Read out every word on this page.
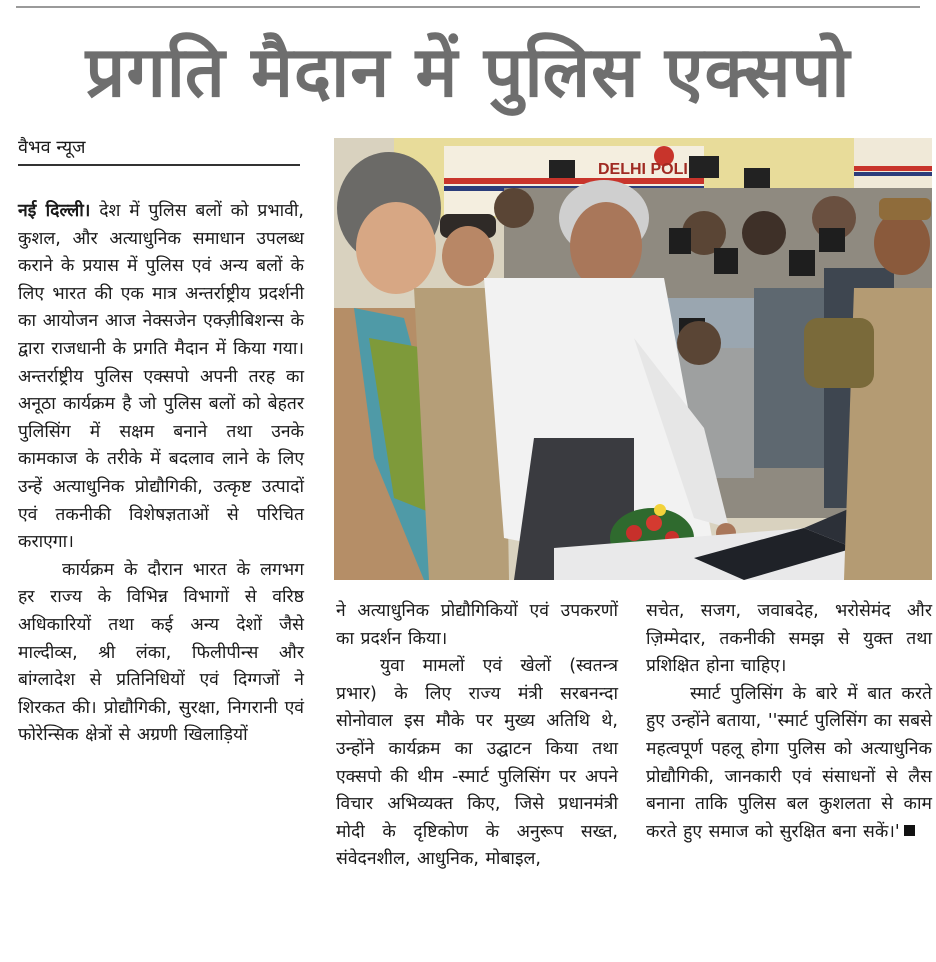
प्रगति मैदान में पुलिस एक्सपो
वैभव न्यूज

नई दिल्ली। देश में पुलिस बलों को प्रभावी, कुशल, और अत्याधुनिक समाधान उपलब्ध कराने के प्रयास में पुलिस एवं अन्य बलों के लिए भारत की एक मात्र अन्तर्राष्ट्रीय प्रदर्शनी का आयोजन आज नेक्सजेन एक्ज़ीबिशन्स के द्वारा राजधानी के प्रगति मैदान में किया गया। अन्तर्राष्ट्रीय पुलिस एक्सपो अपनी तरह का अनूठा कार्यक्रम है जो पुलिस बलों को बेहतर पुलिसिंग में सक्षम बनाने तथा उनके कामकाज के तरीके में बदलाव लाने के लिए उन्हें अत्याधुनिक प्रोद्यौगिकी, उत्कृष्ट उत्पादों एवं तकनीकी विशेषज्ञताओं से परिचित कराएगा।

कार्यक्रम के दौरान भारत के लगभग हर राज्य के विभिन्न विभागों से वरिष्ठ अधिकारियों तथा कई अन्य देशों जैसे माल्दीव्स, श्री लंका, फिलीपीन्स और बांग्लादेश से प्रतिनिधियों एवं दिग्गजों ने शिरकत की। प्रोद्यौगिकी, सुरक्षा, निगरानी एवं फोरेन्सिक क्षेत्रों से अग्रणी खिलाड़ियों

DELHI POLI

ने अत्याधुनिक प्रोद्यौगिकियों एवं उपकरणों का प्रदर्शन किया।

युवा मामलों एवं खेलों (स्वतन्त्र प्रभार) के लिए राज्य मंत्री सरबनन्दा सोनोवाल इस मौके पर मुख्य अतिथि थे, उन्होंने कार्यक्रम का उद्घाटन किया तथा एक्सपो की थीम -स्मार्ट पुलिसिंग पर अपने विचार अभिव्यक्त किए, जिसे प्रधानमंत्री मोदी के दृष्टिकोण के अनुरूप सख्त, संवेदनशील, आधुनिक, मोबाइल,

सचेत, सजग, जवाबदेह, भरोसेमंद और ज़िम्मेदार, तकनीकी समझ से युक्त तथा प्रशिक्षित होना चाहिए।

स्मार्ट पुलिसिंग के बारे में बात करते हुए उन्होंने बताया, ''स्मार्ट पुलिसिंग का सबसे महत्वपूर्ण पहलू होगा पुलिस को अत्याधुनिक प्रोद्यौगिकी, जानकारी एवं संसाधनों से लैस बनाना ताकि पुलिस बल कुशलता से काम करते हुए समाज को सुरक्षित बना सकें।'
